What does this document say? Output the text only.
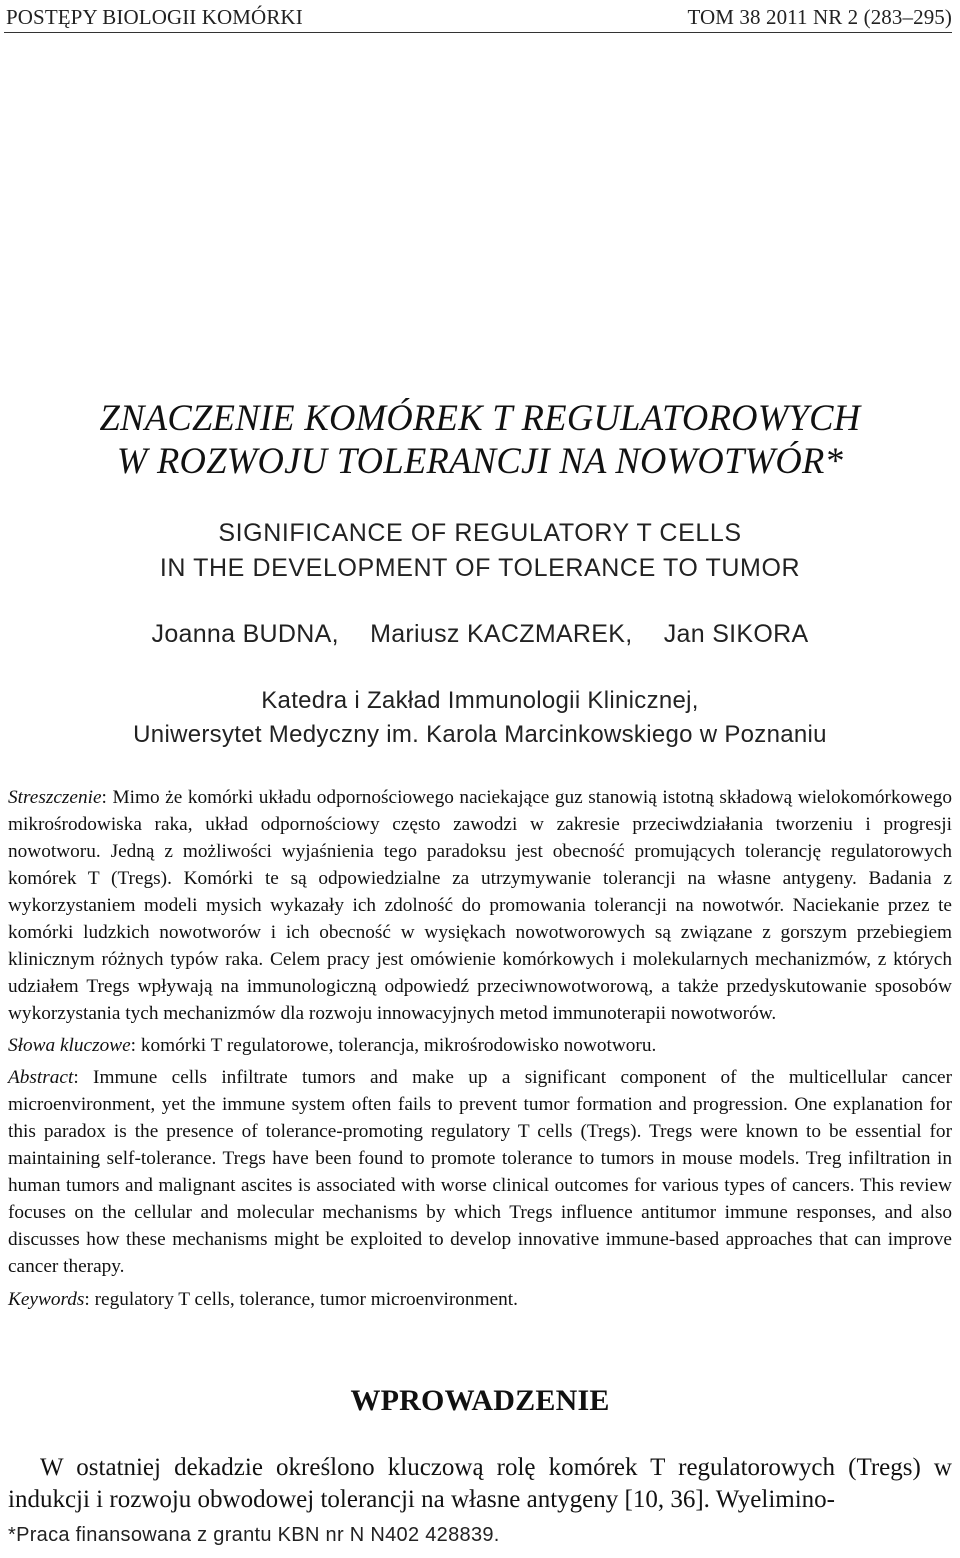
POSTĘPY BIOLOGII KOMÓRKI	TOM 38 2011 NR 2 (283–295)
ZNACZENIE KOMÓREK T REGULATOROWYCH
W ROZWOJU TOLERANCJI NA NOWOTWÓR*
SIGNIFICANCE OF REGULATORY T CELLS
IN THE DEVELOPMENT OF TOLERANCE TO TUMOR
Joanna BUDNA, Mariusz KACZMAREK, Jan SIKORA
Katedra i Zakład Immunologii Klinicznej,
Uniwersytet Medyczny im. Karola Marcinkowskiego w Poznaniu

Streszczenie: Mimo że komórki układu odpornościowego naciekające guz stanowią istotną składową wielokomórkowego mikrośrodowiska raka, układ odpornościowy często zawodzi w zakresie przeciwdziałania tworzeniu i progresji nowotworu. Jedną z możliwości wyjaśnienia tego paradoksu jest obecność promujących tolerancję regulatorowych komórek T (Tregs). Komórki te są odpowiedzialne za utrzymywanie tolerancji na własne antygeny. Badania z wykorzystaniem modeli mysich wykazały ich zdolność do promowania tolerancji na nowotwór. Naciekanie przez te komórki ludzkich nowotworów i ich obecność w wysiękach nowotworowych są związane z gorszym przebiegiem klinicznym różnych typów raka. Celem pracy jest omówienie komórkowych i molekularnych mechanizmów, z których udziałem Tregs wpływają na immunologiczną odpowiedź przeciwnowotworową, a także przedyskutowanie sposobów wykorzystania tych mechanizmów dla rozwoju innowacyjnych metod immunoterapii nowotworów.

Słowa kluczowe: komórki T regulatorowe, tolerancja, mikrośrodowisko nowotworu.

Abstract: Immune cells infiltrate tumors and make up a significant component of the multicellular cancer microenvironment, yet the immune system often fails to prevent tumor formation and progression. One explanation for this paradox is the presence of tolerance-promoting regulatory T cells (Tregs). Tregs were known to be essential for maintaining self-tolerance. Tregs have been found to promote tolerance to tumors in mouse models. Treg infiltration in human tumors and malignant ascites is associated with worse clinical outcomes for various types of cancers. This review focuses on the cellular and molecular mechanisms by which Tregs influence antitumor immune responses, and also discusses how these mechanisms might be exploited to develop innovative immune-based approaches that can improve cancer therapy.

Keywords: regulatory T cells, tolerance, tumor microenvironment.

WPROWADZENIE
W ostatniej dekadzie określono kluczową rolę komórek T regulatorowych (Tregs) w indukcji i rozwoju obwodowej tolerancji na własne antygeny [10, 36]. Wyelimino-
*Praca finansowana z grantu KBN nr N N402 428839.
